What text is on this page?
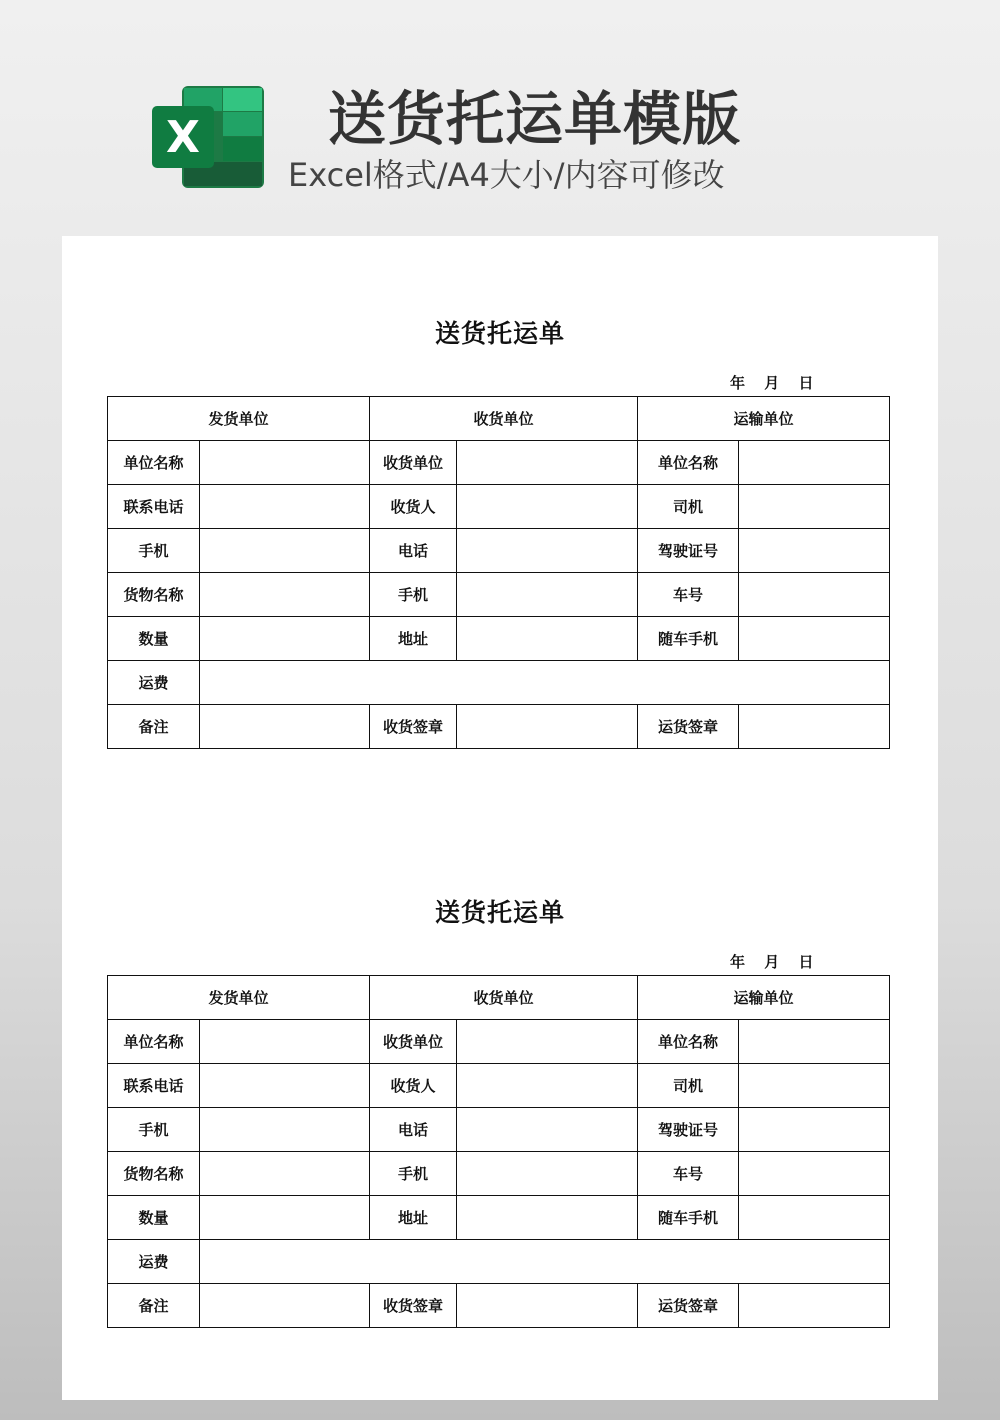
X 送货托运单模版
Excel格式/A4大小/内容可修改
送货托运单
年 月 日
发货单位		收货单位		运输单位	
单位名称		收货单位		单位名称	
联系电话		收货人		司机	
手机		电话		驾驶证号	
货物名称		手机		车号	
数量		地址		随车手机	
运费					
备注		收货签章		运货签章	
送货托运单
年 月 日
发货单位		收货单位		运输单位	
单位名称		收货单位		单位名称	
联系电话		收货人		司机	
手机		电话		驾驶证号	
货物名称		手机		车号	
数量		地址		随车手机	
运费					
备注		收货签章		运货签章	
